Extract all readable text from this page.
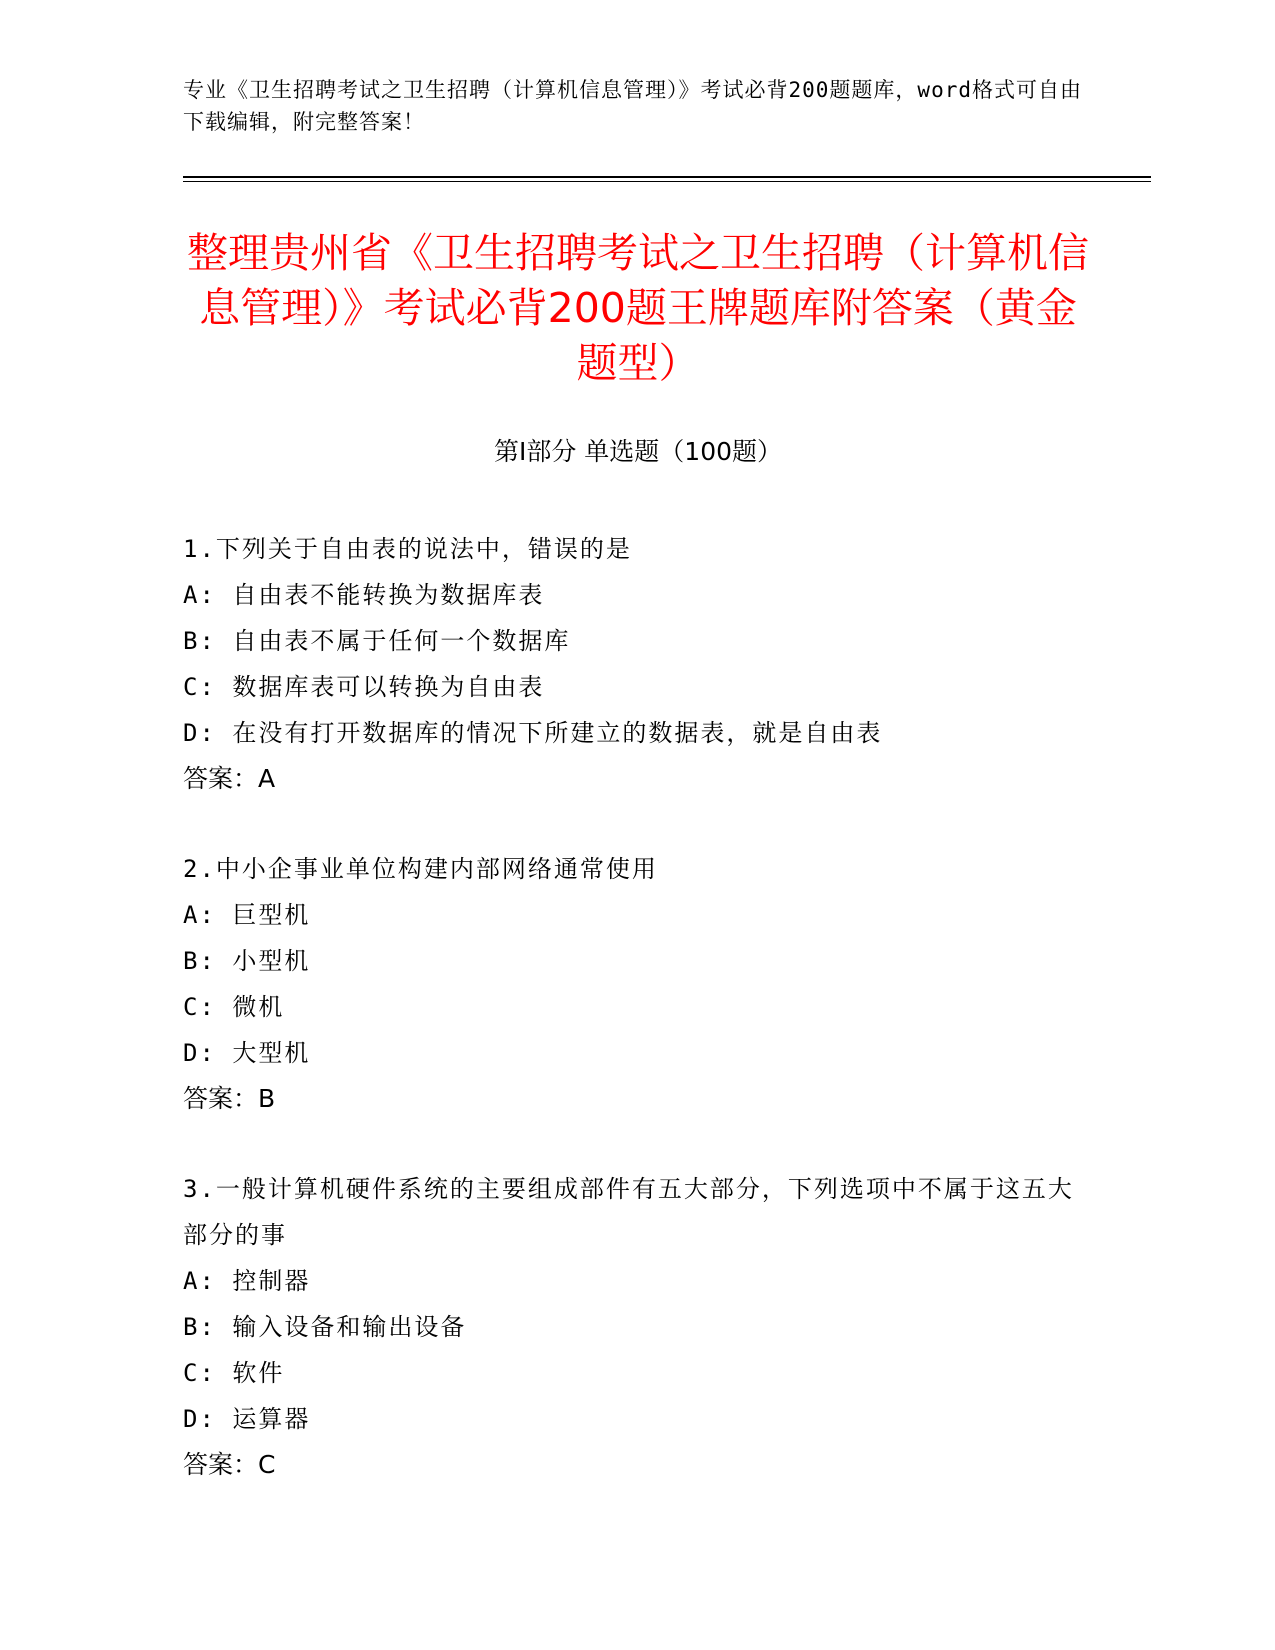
专业《卫生招聘考试之卫生招聘（计算机信息管理）》考试必背200题题库，word格式可自由下载编辑，附完整答案！
整理贵州省《卫生招聘考试之卫生招聘（计算机信息管理）》考试必背200题王牌题库附答案（黄金题型）
第I部分 单选题（100题）
1.下列关于自由表的说法中，错误的是
A: 自由表不能转换为数据库表
B: 自由表不属于任何一个数据库
C: 数据库表可以转换为自由表
D: 在没有打开数据库的情况下所建立的数据表，就是自由表
答案：A
2.中小企事业单位构建内部网络通常使用
A: 巨型机
B: 小型机
C: 微机
D: 大型机
答案：B
3.一般计算机硬件系统的主要组成部件有五大部分，下列选项中不属于这五大部分的事
A: 控制器
B: 输入设备和输出设备
C: 软件
D: 运算器
答案：C
